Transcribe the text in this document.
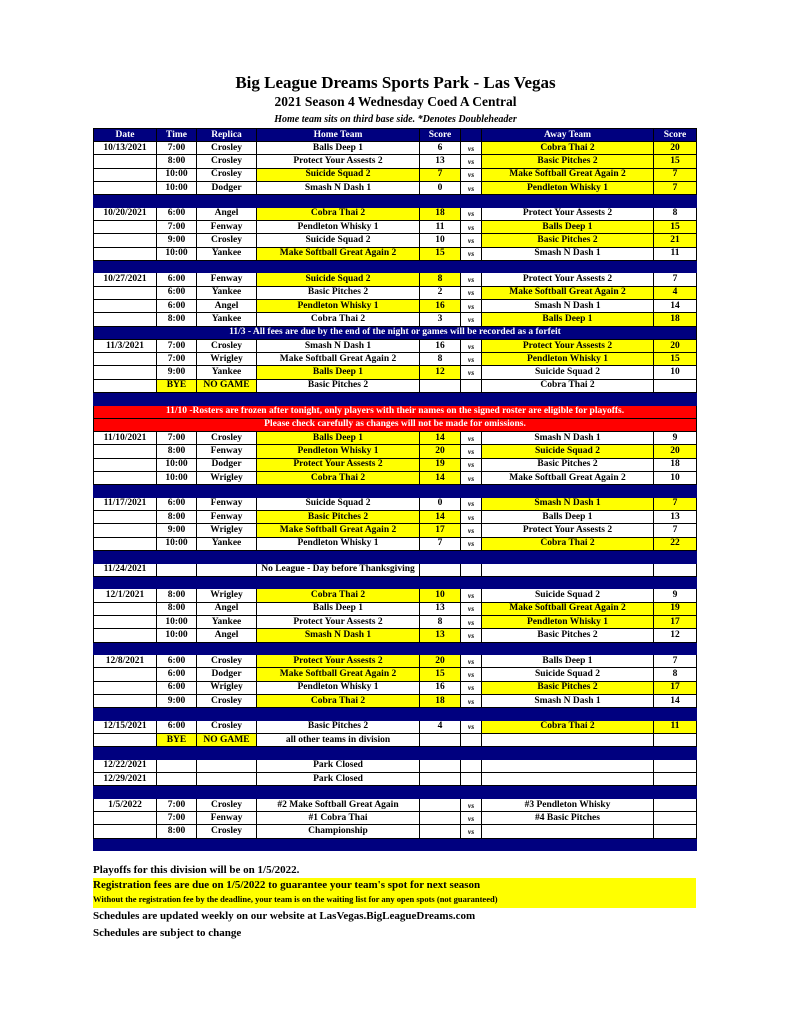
Big League Dreams Sports Park - Las Vegas
2021 Season 4 Wednesday Coed A Central
Home team sits on third base side. *Denotes Doubleheader
Date	Time	Replica	Home Team	Score		Away Team	Score
10/13/2021	7:00	Crosley	Balls Deep 1	6	vs	Cobra Thai 2	20
	8:00	Crosley	Protect Your Assests 2	13	vs	Basic Pitches 2	15
	10:00	Crosley	Suicide Squad 2	7	vs	Make Softball Great Again 2	7
	10:00	Dodger	Smash N Dash 1	0	vs	Pendleton Whisky 1	7

10/20/2021	6:00	Angel	Cobra Thai 2	18	vs	Protect Your Assests 2	8
	7:00	Fenway	Pendleton Whisky 1	11	vs	Balls Deep 1	15
	9:00	Crosley	Suicide Squad 2	10	vs	Basic Pitches 2	21
	10:00	Yankee	Make Softball Great Again 2	15	vs	Smash N Dash 1	11

10/27/2021	6:00	Fenway	Suicide Squad 2	8	vs	Protect Your Assests 2	7
	6:00	Yankee	Basic Pitches 2	2	vs	Make Softball Great Again 2	4
	6:00	Angel	Pendleton Whisky 1	16	vs	Smash N Dash 1	14
	8:00	Yankee	Cobra Thai 2	3	vs	Balls Deep 1	18
11/3 - All fees are due by the end of the night or games will be recorded as a forfeit							
11/3/2021	7:00	Crosley	Smash N Dash 1	16	vs	Protect Your Assests 2	20
	7:00	Wrigley	Make Softball Great Again 2	8	vs	Pendleton Whisky 1	15
	9:00	Yankee	Balls Deep 1	12	vs	Suicide Squad 2	10
	BYE	NO GAME	Basic Pitches 2			Cobra Thai 2	

11/10 -Rosters are frozen after tonight, only players with their names on the signed roster are eligible for playoffs.							
Please check carefully as changes will not be made for omissions.							
11/10/2021	7:00	Crosley	Balls Deep 1	14	vs	Smash N Dash 1	9
	8:00	Fenway	Pendleton Whisky 1	20	vs	Suicide Squad 2	20
	10:00	Dodger	Protect Your Assests 2	19	vs	Basic Pitches 2	18
	10:00	Wrigley	Cobra Thai 2	14	vs	Make Softball Great Again 2	10

11/17/2021	6:00	Fenway	Suicide Squad 2	0	vs	Smash N Dash 1	7
	8:00	Fenway	Basic Pitches 2	14	vs	Balls Deep 1	13
	9:00	Wrigley	Make Softball Great Again 2	17	vs	Protect Your Assests 2	7
	10:00	Yankee	Pendleton Whisky 1	7	vs	Cobra Thai 2	22

11/24/2021			No League - Day before Thanksgiving				

12/1/2021	8:00	Wrigley	Cobra Thai 2	10	vs	Suicide Squad 2	9
	8:00	Angel	Balls Deep 1	13	vs	Make Softball Great Again 2	19
	10:00	Yankee	Protect Your Assests 2	8	vs	Pendleton Whisky 1	17
	10:00	Angel	Smash N Dash 1	13	vs	Basic Pitches 2	12

12/8/2021	6:00	Crosley	Protect Your Assests 2	20	vs	Balls Deep 1	7
	6:00	Dodger	Make Softball Great Again 2	15	vs	Suicide Squad 2	8
	6:00	Wrigley	Pendleton Whisky 1	16	vs	Basic Pitches 2	17
	9:00	Crosley	Cobra Thai 2	18	vs	Smash N Dash 1	14

12/15/2021	6:00	Crosley	Basic Pitches 2	4	vs	Cobra Thai 2	11
	BYE	NO GAME	all other teams in division				

12/22/2021			Park Closed				
12/29/2021			Park Closed				

1/5/2022	7:00	Crosley	#2 Make Softball Great Again		vs	#3 Pendleton Whisky	
	7:00	Fenway	#1 Cobra Thai		vs	#4 Basic Pitches	
	8:00	Crosley	Championship		vs		

Playoffs for this division will be on 1/5/2022.
Registration fees are due on 1/5/2022 to guarantee your team's spot for next season
Without the registration fee by the deadline, your team is on the waiting list for any open spots (not guaranteed)
Schedules are updated weekly on our website at LasVegas.BigLeagueDreams.com
Schedules are subject to change
